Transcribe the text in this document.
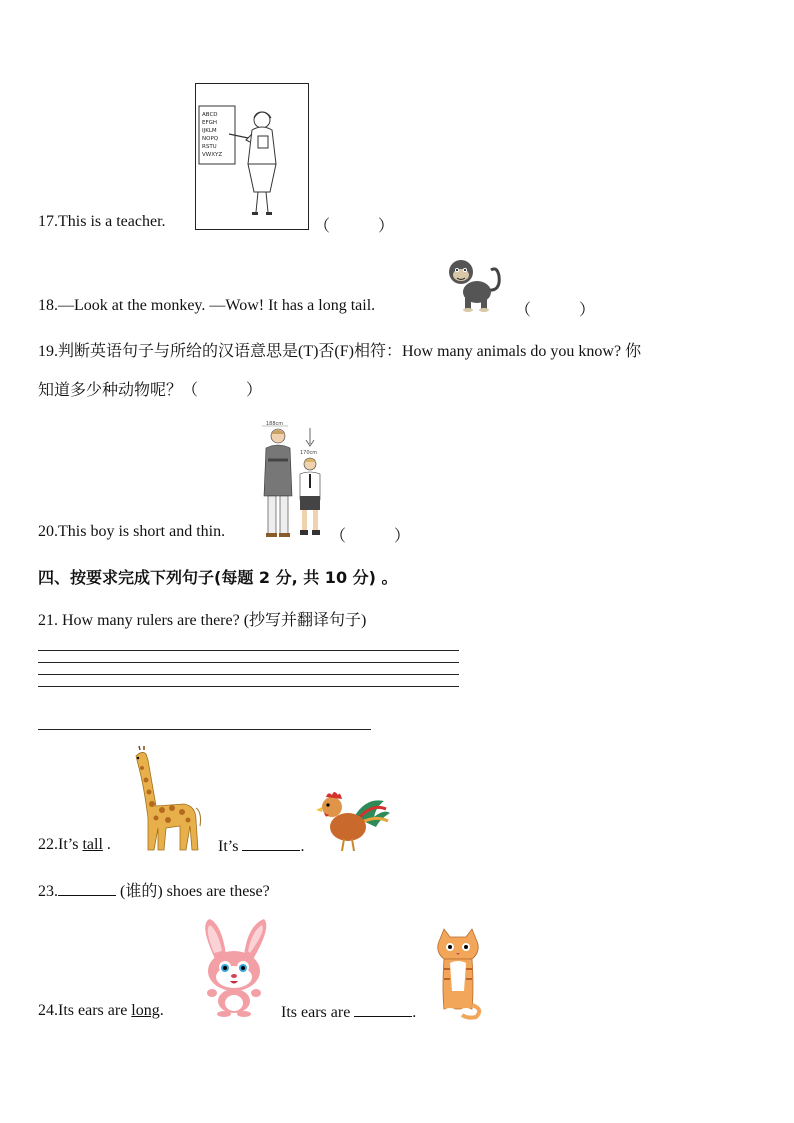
ABCD
EFGH
IJKLM
NOPQ
RSTU
VWXYZ
17.This is a teacher.	（　　　）
18.—Look at the monkey. —Wow! It has a long tail.	（　　　）
19.判断英语句子与所给的汉语意思是(T)否(F)相符：How many animals do you know? 你
知道多少种动物呢？（　　　）
188cm
170cm
20.This boy is short and thin.	（　　　）
四、按要求完成下列句子(每题 2 分, 共 10 分) 。
21. How many rulers are there? (抄写并翻译句子)
22.It’s tall .	It’s	.
23.	(谁的) shoes are these?
24.Its ears are long.	Its ears are	.
